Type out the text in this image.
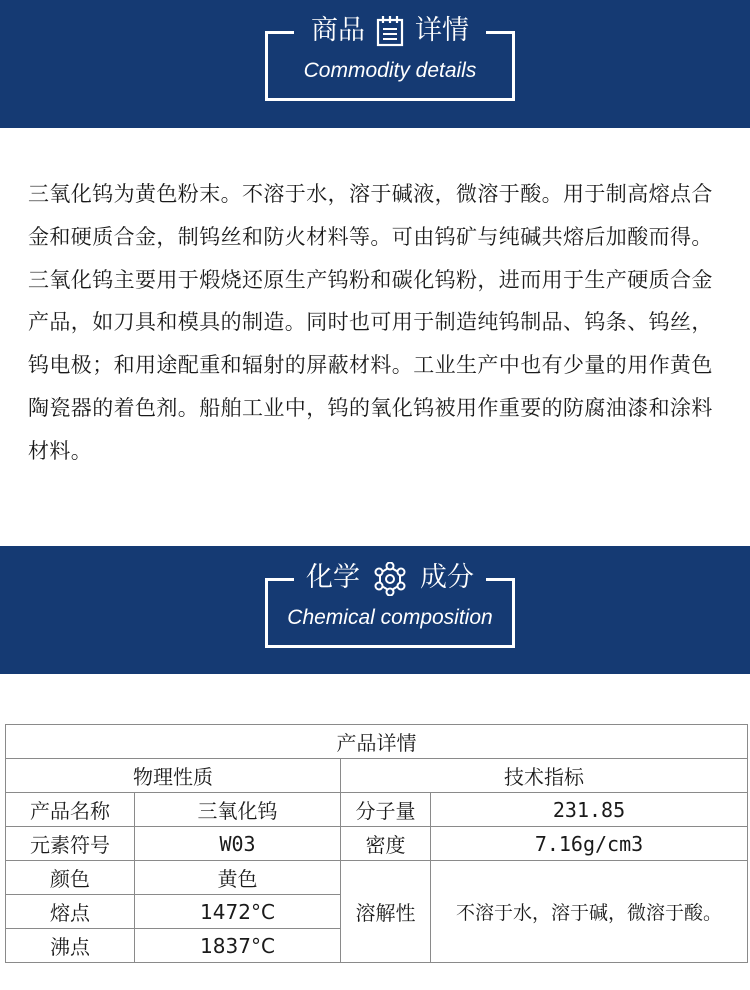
商品 详情
Commodity details

三氧化钨为黄色粉末。不溶于水，溶于碱液，微溶于酸。用于制高熔点合金和硬质合金，制钨丝和防火材料等。可由钨矿与纯碱共熔后加酸而得。

三氧化钨主要用于煅烧还原生产钨粉和碳化钨粉，进而用于生产硬质合金产品，如刀具和模具的制造。同时也可用于制造纯钨制品、钨条、钨丝，钨电极；和用途配重和辐射的屏蔽材料。工业生产中也有少量的用作黄色陶瓷器的着色剂。船舶工业中，钨的氧化钨被用作重要的防腐油漆和涂料材料。

化学 成分
Chemical composition
产品详情			
物理性质		技术指标	
产品名称	三氧化钨	分子量	231.85
元素符号	W03	密度	7.16g/cm3
颜色	黄色	溶解性	不溶于水，溶于碱，微溶于酸。
熔点	1472°C		
沸点	1837°C		
